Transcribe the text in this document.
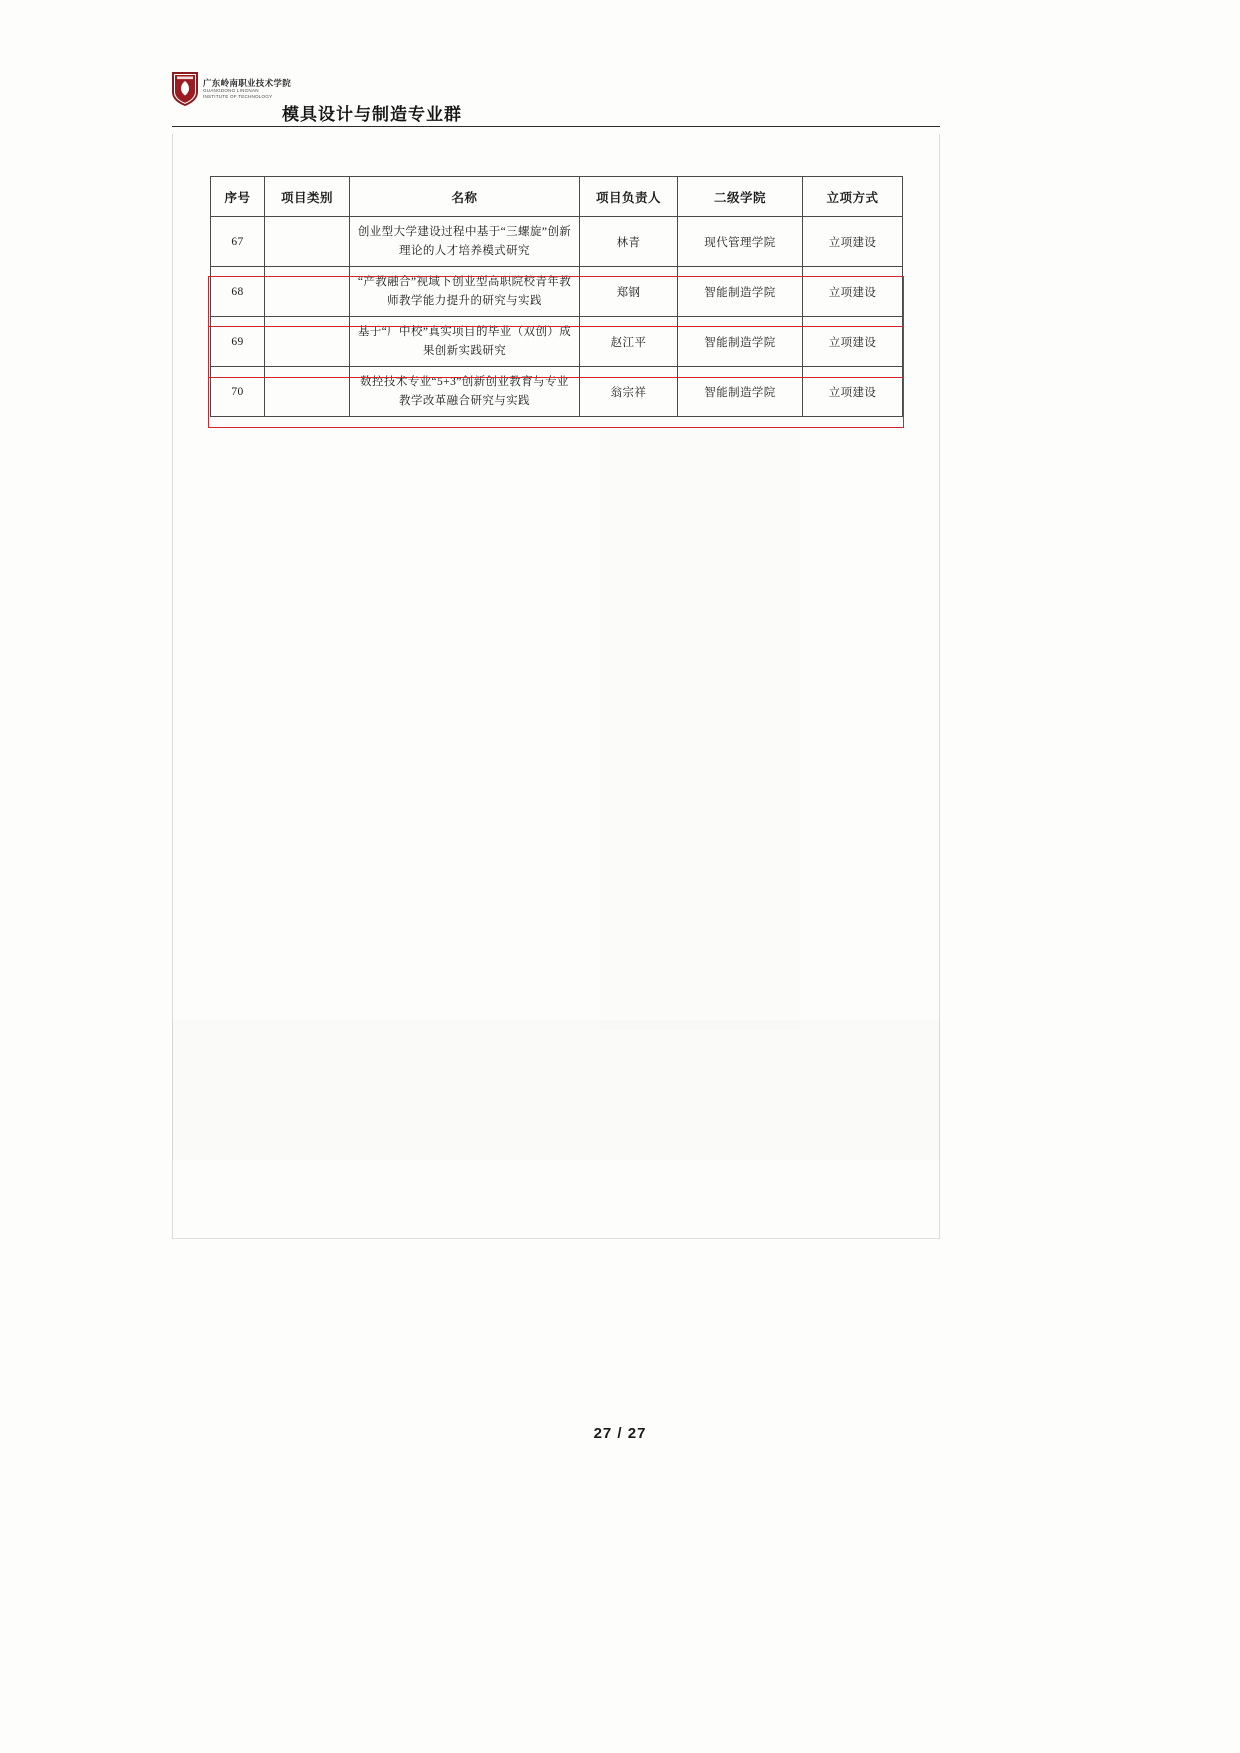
广东岭南职业技术学院
GUANGDONG LINGNAN
INSTITUTE OF TECHNOLOGY
模具设计与制造专业群
序号	项目类别	名称	项目负责人	二级学院	立项方式
67		创业型大学建设过程中基于“三螺旋”创新理论的人才培养模式研究	林青	现代管理学院	立项建设
68		“产教融合”视域下创业型高职院校青年教师教学能力提升的研究与实践	郑钢	智能制造学院	立项建设
69		基于“厂中校”真实项目的毕业（双创）成果创新实践研究	赵江平	智能制造学院	立项建设
70		数控技术专业“5+3”创新创业教育与专业教学改革融合研究与实践	翁宗祥	智能制造学院	立项建设
27 / 27
